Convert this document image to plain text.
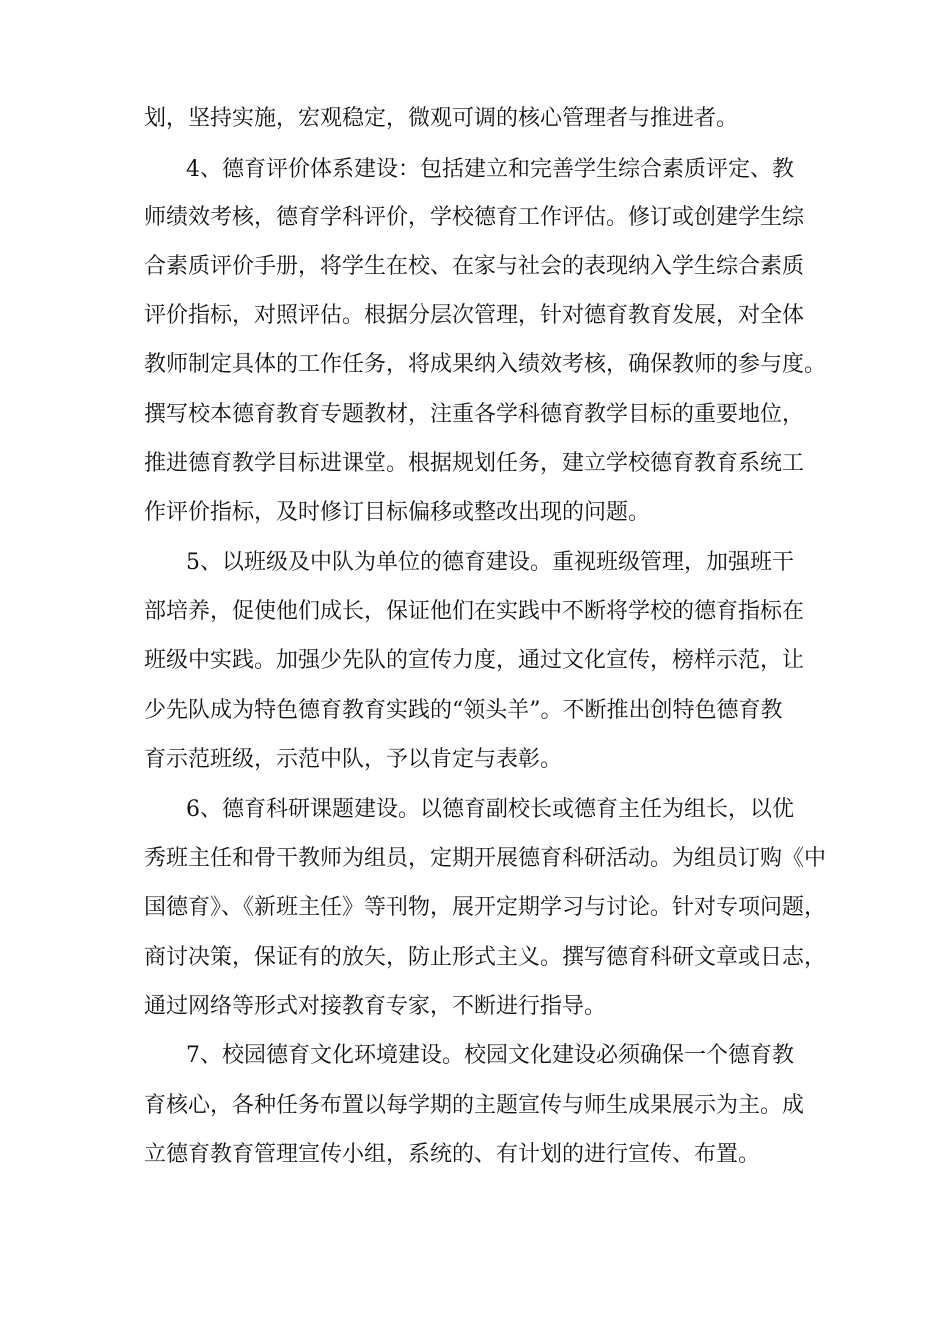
划，坚持实施，宏观稳定，微观可调的核心管理者与推进者。
4、德育评价体系建设：包括建立和完善学生综合素质评定、教
师绩效考核，德育学科评价，学校德育工作评估。修订或创建学生综
合素质评价手册，将学生在校、在家与社会的表现纳入学生综合素质
评价指标，对照评估。根据分层次管理，针对德育教育发展，对全体
教师制定具体的工作任务，将成果纳入绩效考核，确保教师的参与度。
撰写校本德育教育专题教材，注重各学科德育教学目标的重要地位，
推进德育教学目标进课堂。根据规划任务，建立学校德育教育系统工
作评价指标，及时修订目标偏移或整改出现的问题。
5、以班级及中队为单位的德育建设。重视班级管理，加强班干
部培养，促使他们成长，保证他们在实践中不断将学校的德育指标在
班级中实践。加强少先队的宣传力度，通过文化宣传，榜样示范，让
少先队成为特色德育教育实践的“领头羊”。不断推出创特色德育教
育示范班级，示范中队，予以肯定与表彰。
6、德育科研课题建设。以德育副校长或德育主任为组长，以优
秀班主任和骨干教师为组员，定期开展德育科研活动。为组员订购《中
国德育》、《新班主任》等刊物，展开定期学习与讨论。针对专项问题，
商讨决策，保证有的放矢，防止形式主义。撰写德育科研文章或日志，
通过网络等形式对接教育专家，不断进行指导。
7、校园德育文化环境建设。校园文化建设必须确保一个德育教
育核心，各种任务布置以每学期的主题宣传与师生成果展示为主。成
立德育教育管理宣传小组，系统的、有计划的进行宣传、布置。
